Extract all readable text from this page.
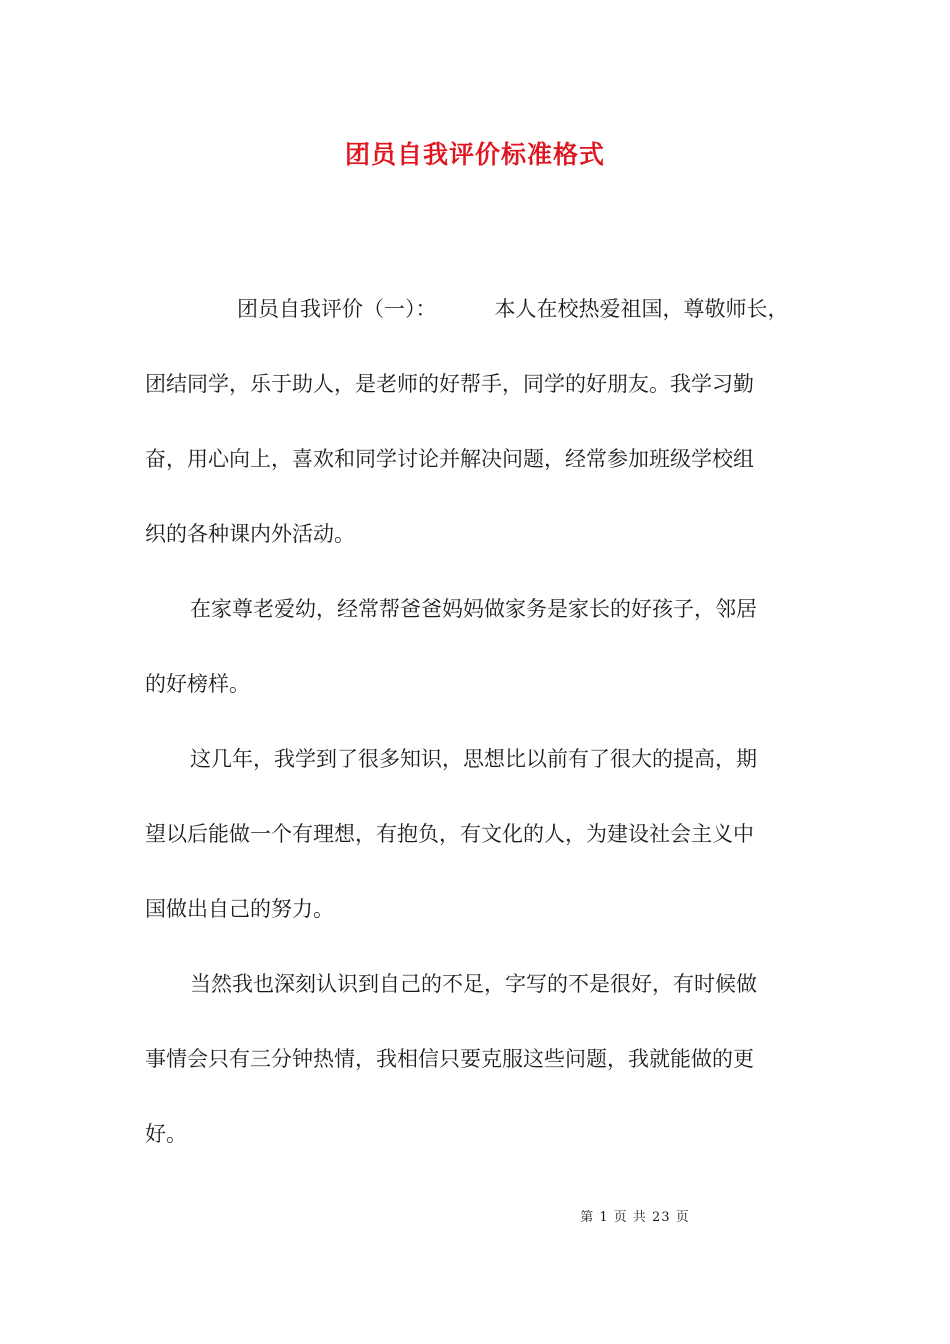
团员自我评价标准格式
团员自我评价（一）：	本人在校热爱祖国，尊敬师长，
团结同学，乐于助人，是老师的好帮手，同学的好朋友。我学习勤
奋，用心向上，喜欢和同学讨论并解决问题，经常参加班级学校组
织的各种课内外活动。
在家尊老爱幼，经常帮爸爸妈妈做家务是家长的好孩子，邻居
的好榜样。
这几年，我学到了很多知识，思想比以前有了很大的提高，期
望以后能做一个有理想，有抱负，有文化的人，为建设社会主义中
国做出自己的努力。
当然我也深刻认识到自己的不足，字写的不是很好，有时候做
事情会只有三分钟热情，我相信只要克服这些问题，我就能做的更
好。
第 1 页 共 23 页
